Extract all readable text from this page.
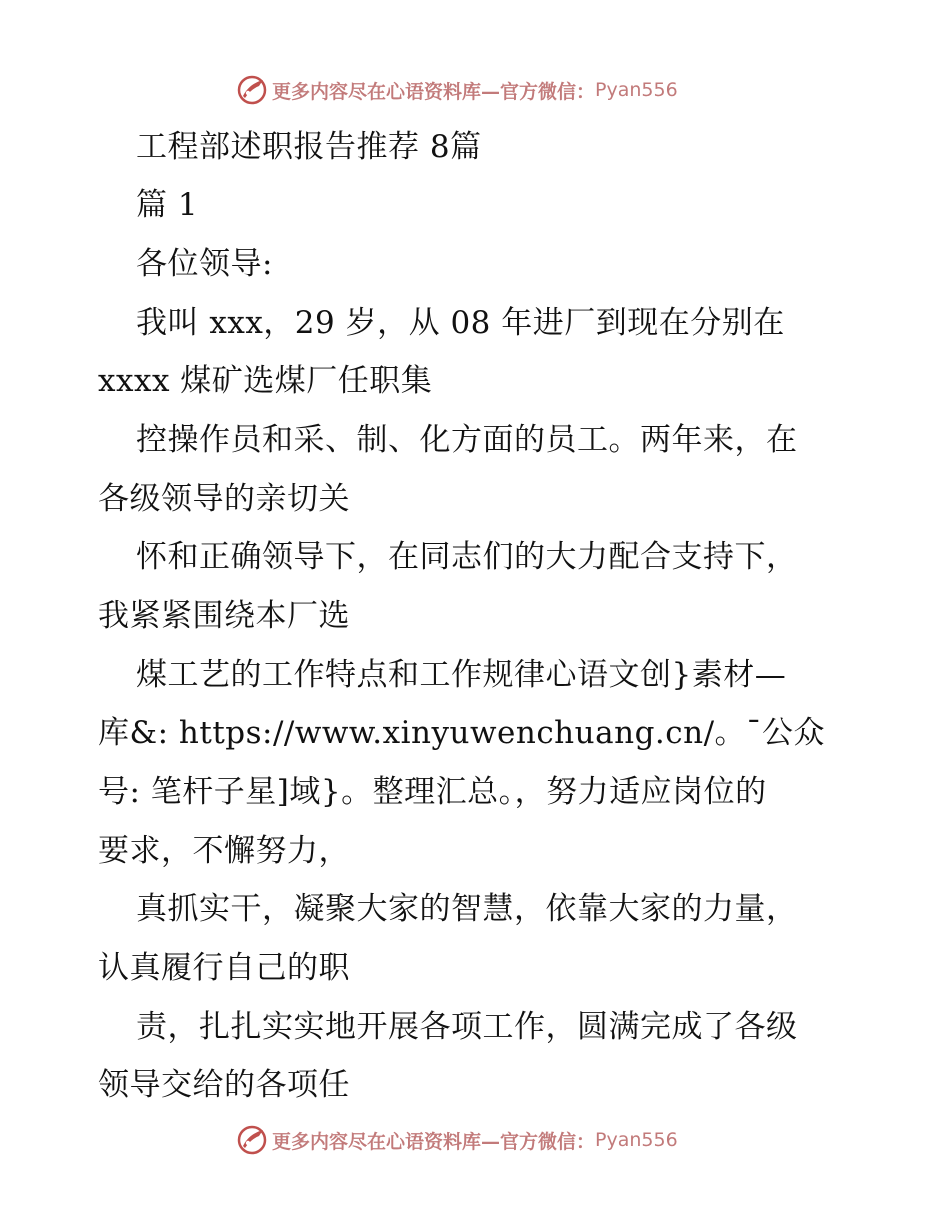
更多内容尽在心语资料库—官方微信： Pyan556
工程部述职报告推荐 8篇
篇 1
各位领导:
我叫 xxx，29 岁，从 08 年进厂到现在分别在
xxxx 煤矿选煤厂任职集
控操作员和采、制、化方面的员工。两年来，在
各级领导的亲切关
怀和正确领导下，在同志们的大力配合支持下，
我紧紧围绕本厂选
煤工艺的工作特点和工作规律心语文创}素材—
库&: https://www.xinyuwenchuang.cn/。¯公众
号: 笔杆子星]域}。整理汇总。，努力适应岗位的
要求，不懈努力，
真抓实干，凝聚大家的智慧，依靠大家的力量，
认真履行自己的职
责，扎扎实实地开展各项工作，圆满完成了各级
领导交给的各项任
更多内容尽在心语资料库—官方微信： Pyan556
